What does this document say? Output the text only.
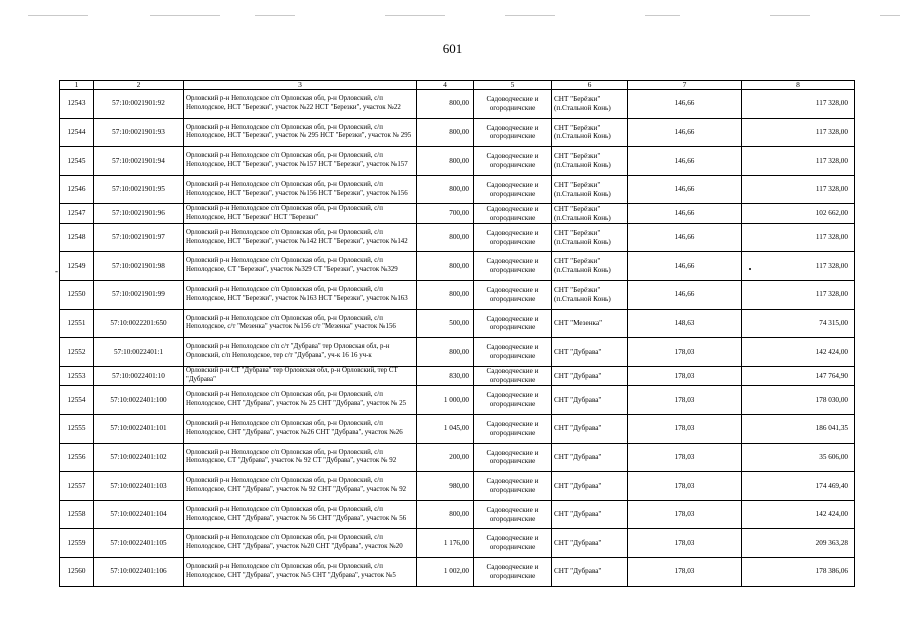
601
-
1	2	3	4	5	6	7	8
12543	57:10:0021901:92	Орловский р-н Неполодское с/п Орловская обл, р-н Орловский, с/п Неполодское, НСТ "Березки", участок №22 НСТ "Березки", участок №22	800,00	Садоводческие и огородничские	СНТ "Берёзки" (п.Стальной Конь)	146,66	117 328,00
12544	57:10:0021901:93	Орловский р-н Неполодское с/п Орловская обл, р-н Орловский, с/п Неполодское, НСТ "Березки", участок № 295 НСТ "Березки", участок № 295	800,00	Садоводческие и огородничские	СНТ "Берёзки" (п.Стальной Конь)	146,66	117 328,00
12545	57:10:0021901:94	Орловский р-н Неполодское с/п Орловская обл, р-н Орловский, с/п Неполодское, НСТ "Березки", участок №157 НСТ "Березки", участок №157	800,00	Садоводческие и огородничские	СНТ "Берёзки" (п.Стальной Конь)	146,66	117 328,00
12546	57:10:0021901:95	Орловский р-н Неполодское с/п Орловская обл, р-н Орловский, с/п Неполодское, НСТ "Березки", участок №156 НСТ "Березки", участок №156	800,00	Садоводческие и огородничские	СНТ "Берёзки" (п.Стальной Конь)	146,66	117 328,00
12547	57:10:0021901:96	Орловский р-н Неполодское с/п Орловская обл, р-н Орловский, с/п Неполодское, НСТ "Березки" НСТ "Березки"	700,00	Садоводческие и огородничские	СНТ "Берёзки" (п.Стальной Конь)	146,66	102 662,00
12548	57:10:0021901:97	Орловский р-н Неполодское с/п Орловская обл, р-н Орловский, с/п Неполодское, НСТ "Березки", участок №142 НСТ "Березки", участок №142	800,00	Садоводческие и огородничские	СНТ "Берёзки" (п.Стальной Конь)	146,66	117 328,00
12549	57:10:0021901:98	Орловский р-н Неполодское с/п Орловская обл, р-н Орловский, с/п Неполодское, СТ "Березки", участок №329 СТ "Березки", участок №329	800,00	Садоводческие и огородничские	СНТ "Берёзки" (п.Стальной Конь)	146,66	117 328,00
12550	57:10:0021901:99	Орловский р-н Неполодское с/п Орловская обл, р-н Орловский, с/п Неполодское, НСТ "Березки", участок №163 НСТ "Березки", участок №163	800,00	Садоводческие и огородничские	СНТ "Берёзки" (п.Стальной Конь)	146,66	117 328,00
12551	57:10:0022201:650	Орловский р-н Неполодское с/п Орловская обл, р-н Орловский, с/п Неполодское, с/т "Мезенка" участок №156 с/т "Мезенка" участок №156	500,00	Садоводческие и огородничские	СНТ "Мезенка"	148,63	74 315,00
12552	57:10:0022401:1	Орловский р-н Неполодское с/п с/т "Дубрава" тер Орловская обл, р-н Орловский, с/п Неполодское, тер с/т "Дубрава", уч-к 16 16 уч-к	800,00	Садоводческие и огородничские	СНТ "Дубрава"	178,03	142 424,00
12553	57:10:0022401:10	Орловский р-н СТ "Дубрава" тер Орловская обл, р-н Орловский, тер СТ "Дубрава"	830,00	Садоводческие и огородничские	СНТ "Дубрава"	178,03	147 764,90
12554	57:10:0022401:100	Орловский р-н Неполодское с/п Орловская обл, р-н Орловский, с/п Неполодское, СНТ "Дубрава", участок № 25 СНТ "Дубрава", участок № 25	1 000,00	Садоводческие и огородничские	СНТ "Дубрава"	178,03	178 030,00
12555	57:10:0022401:101	Орловский р-н Неполодское с/п Орловская обл, р-н Орловский, с/п Неполодское, СНТ "Дубрава", участок №26 СНТ "Дубрава", участок №26	1 045,00	Садоводческие и огородничские	СНТ "Дубрава"	178,03	186 041,35
12556	57:10:0022401:102	Орловский р-н Неполодское с/п Орловская обл, р-н Орловский, с/п Неполодское, СТ "Дубрава", участок № 92 СТ "Дубрава", участок № 92	200,00	Садоводческие и огородничские	СНТ "Дубрава"	178,03	35 606,00
12557	57:10:0022401:103	Орловский р-н Неполодское с/п Орловская обл, р-н Орловский, с/п Неполодское, СНТ "Дубрава", участок № 92 СНТ "Дубрава", участок № 92	980,00	Садоводческие и огородничские	СНТ "Дубрава"	178,03	174 469,40
12558	57:10:0022401:104	Орловский р-н Неполодское с/п Орловская обл, р-н Орловский, с/п Неполодское, СНТ "Дубрава", участок № 56 СНТ "Дубрава", участок № 56	800,00	Садоводческие и огородничские	СНТ "Дубрава"	178,03	142 424,00
12559	57:10:0022401:105	Орловский р-н Неполодское с/п Орловская обл, р-н Орловский, с/п Неполодское, СНТ "Дубрава", участок №20 СНТ "Дубрава", участок №20	1 176,00	Садоводческие и огородничские	СНТ "Дубрава"	178,03	209 363,28
12560	57:10:0022401:106	Орловский р-н Неполодское с/п Орловская обл, р-н Орловский, с/п Неполодское, СНТ "Дубрава", участок №5 СНТ "Дубрава", участок №5	1 002,00	Садоводческие и огородничские	СНТ "Дубрава"	178,03	178 386,06
